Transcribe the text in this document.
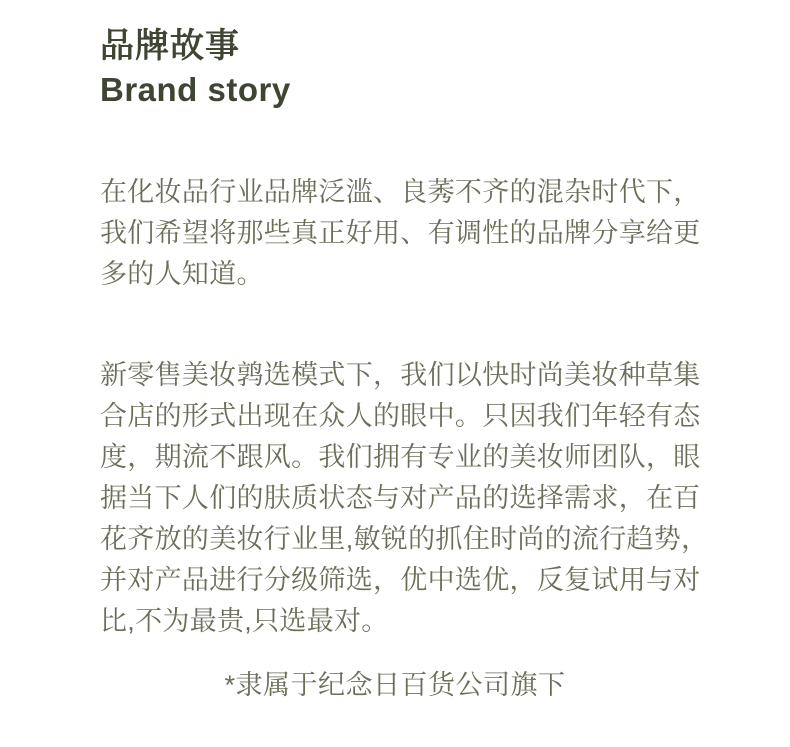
品牌故事
Brand story
在化妆品行业品牌泛滥、良莠不齐的混杂时代下，
我们希望将那些真正好用、有调性的品牌分享给更
多的人知道。
新零售美妆鹑选模式下，我们以快时尚美妆种草集
合店的形式出现在众人的眼中。只因我们年轻有态
度，期流不跟风。我们拥有专业的美妆师团队，眼
据当下人们的肤质状态与对产品的选择需求，在百
花齐放的美妆行业里,敏锐的抓住时尚的流行趋势，
并对产品进行分级筛选，优中选优，反复试用与对
比,不为最贵,只选最对。
*隶属于纪念日百货公司旗下
